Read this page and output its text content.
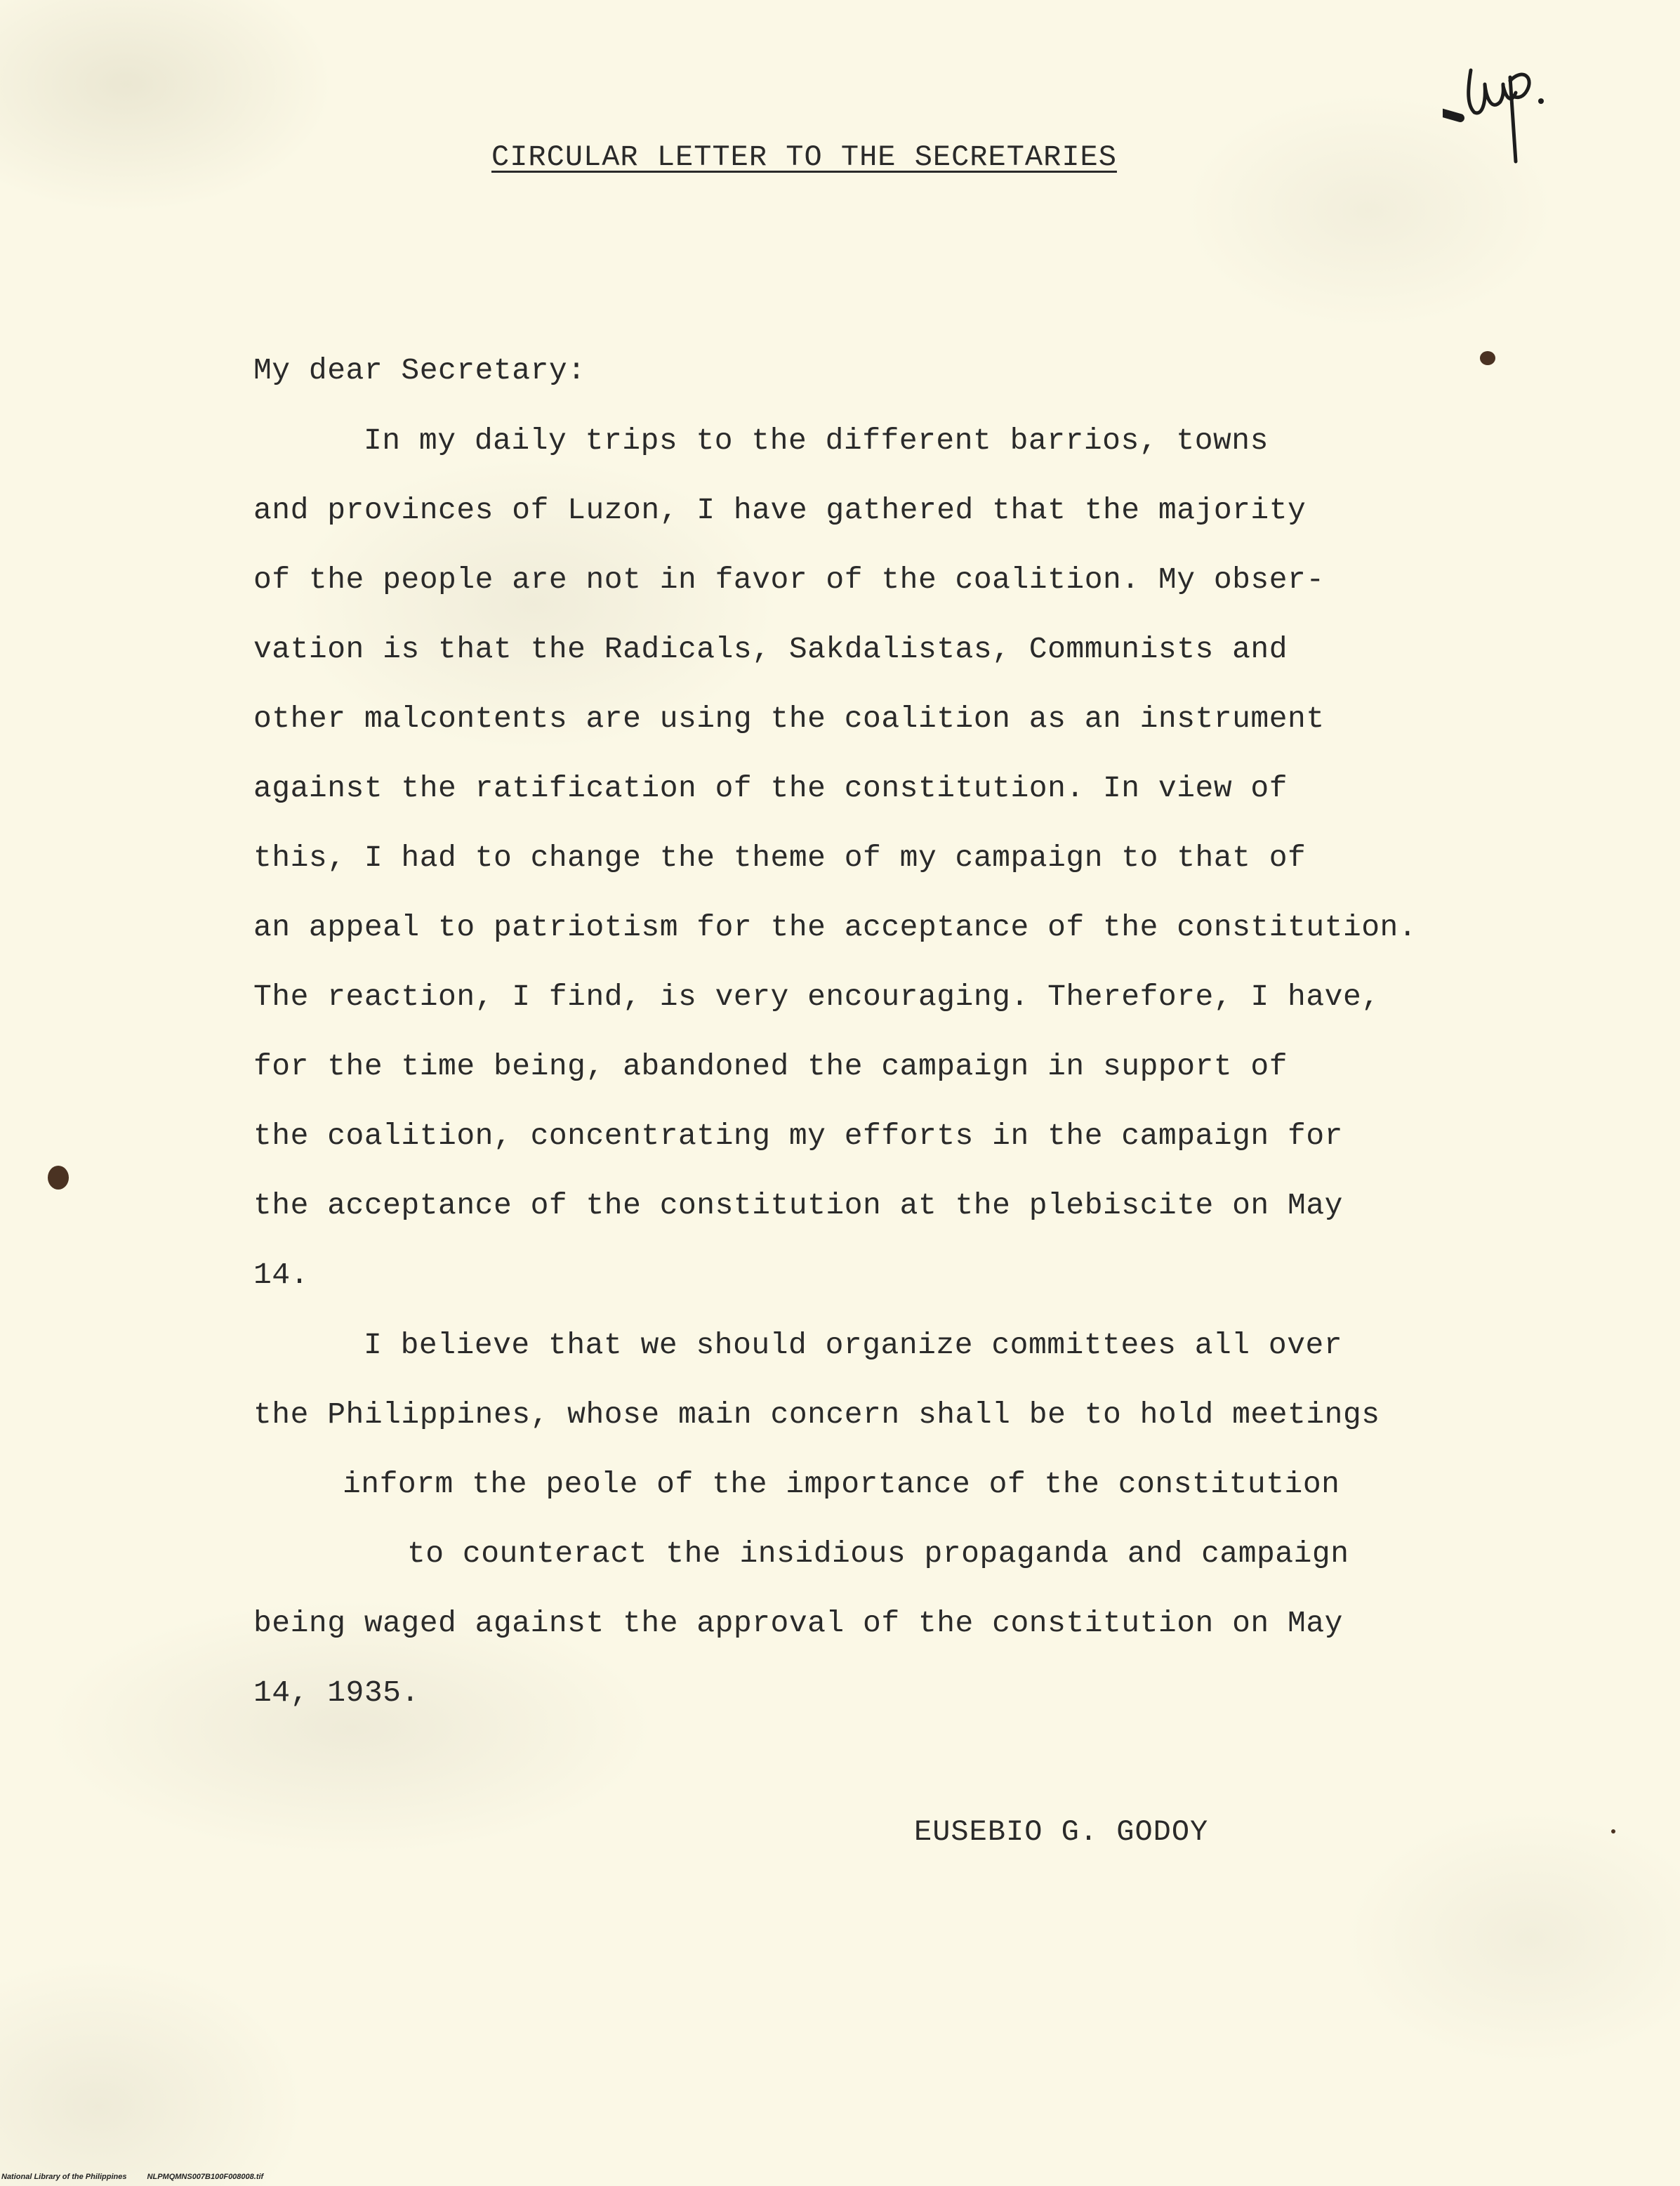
CIRCULAR LETTER TO THE SECRETARIES
My dear Secretary:
In my daily trips to the different barrios, towns
and provinces of Luzon, I have gathered that the majority
of the people are not in favor of the coalition. My obser-
vation is that the Radicals, Sakdalistas, Communists and
other malcontents are using the coalition as an instrument
against the ratification of the constitution. In view of
this, I had to change the theme of my campaign to that of
an appeal to patriotism for the acceptance of the constitution.
The reaction, I find, is very encouraging. Therefore, I have,
for the time being, abandoned the campaign in support of
the coalition, concentrating my efforts in the campaign for
the acceptance of the constitution at the plebiscite on May
14.
I believe that we should organize committees all over
the Philippines, whose main concern shall be to hold meetings
inform the peole of the importance of the constitution
to counteract the insidious propaganda and campaign
being waged against the approval of the constitution on May
14, 1935.
EUSEBIO G. GODOY
National Library of the Philippines	NLPMQMNS007B100F008008.tif
